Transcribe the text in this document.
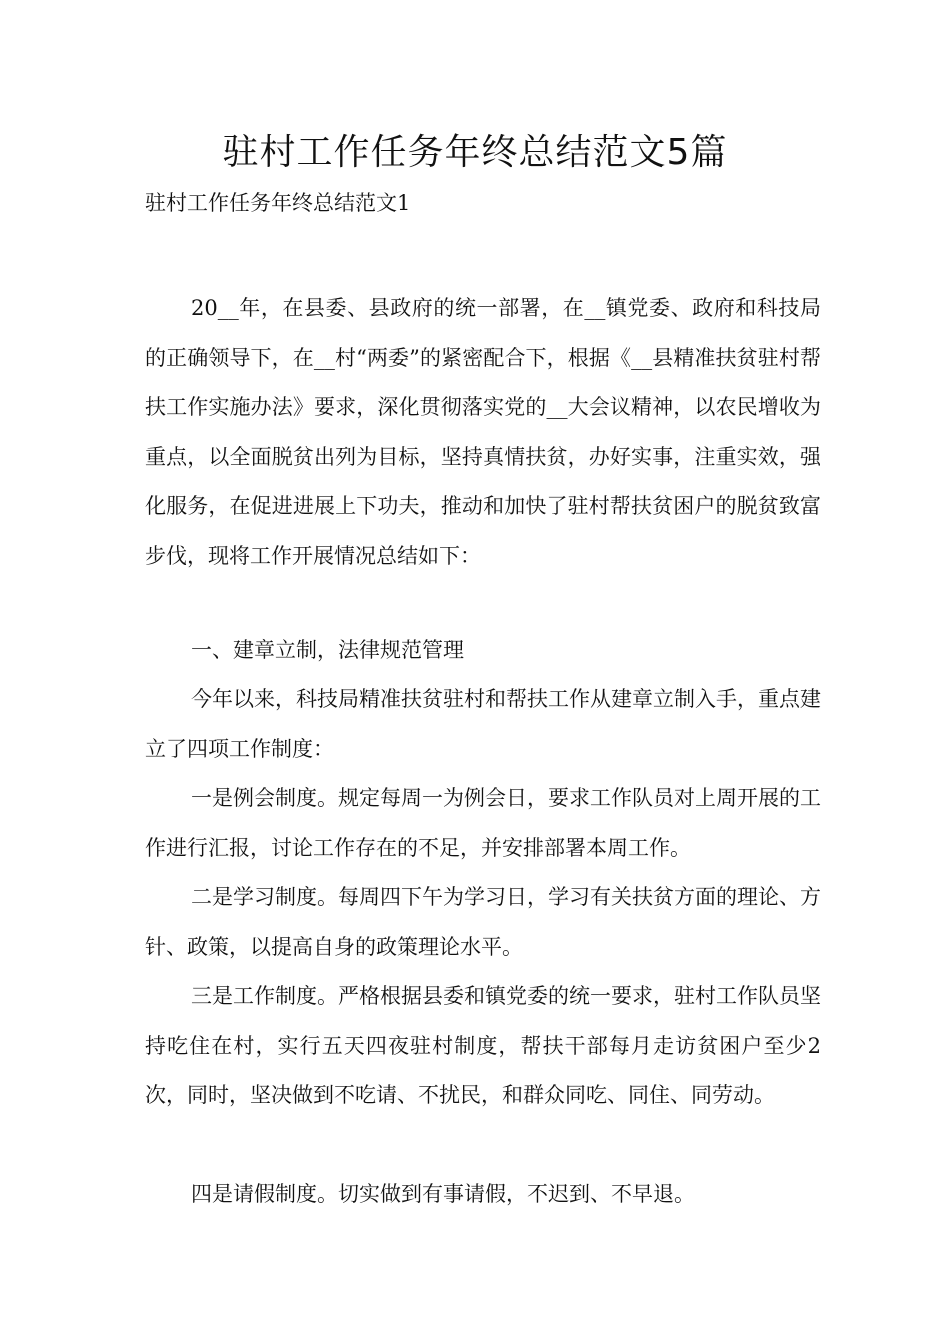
驻村工作任务年终总结范文5篇

驻村工作任务年终总结范文1

20__年，在县委、县政府的统一部署，在__镇党委、政府和科技局的正确领导下，在__村“两委”的紧密配合下，根据《__县精准扶贫驻村帮扶工作实施办法》要求，深化贯彻落实党的__大会议精神，以农民增收为重点，以全面脱贫出列为目标，坚持真情扶贫，办好实事，注重实效，强化服务，在促进进展上下功夫，推动和加快了驻村帮扶贫困户的脱贫致富步伐，现将工作开展情况总结如下：

一、建章立制，法律规范管理

今年以来，科技局精准扶贫驻村和帮扶工作从建章立制入手，重点建立了四项工作制度：

一是例会制度。规定每周一为例会日，要求工作队员对上周开展的工作进行汇报，讨论工作存在的不足，并安排部署本周工作。

二是学习制度。每周四下午为学习日，学习有关扶贫方面的理论、方针、政策，以提高自身的政策理论水平。

三是工作制度。严格根据县委和镇党委的统一要求，驻村工作队员坚持吃住在村，实行五天四夜驻村制度，帮扶干部每月走访贫困户至少2次，同时，坚决做到不吃请、不扰民，和群众同吃、同住、同劳动。

四是请假制度。切实做到有事请假，不迟到、不早退。
